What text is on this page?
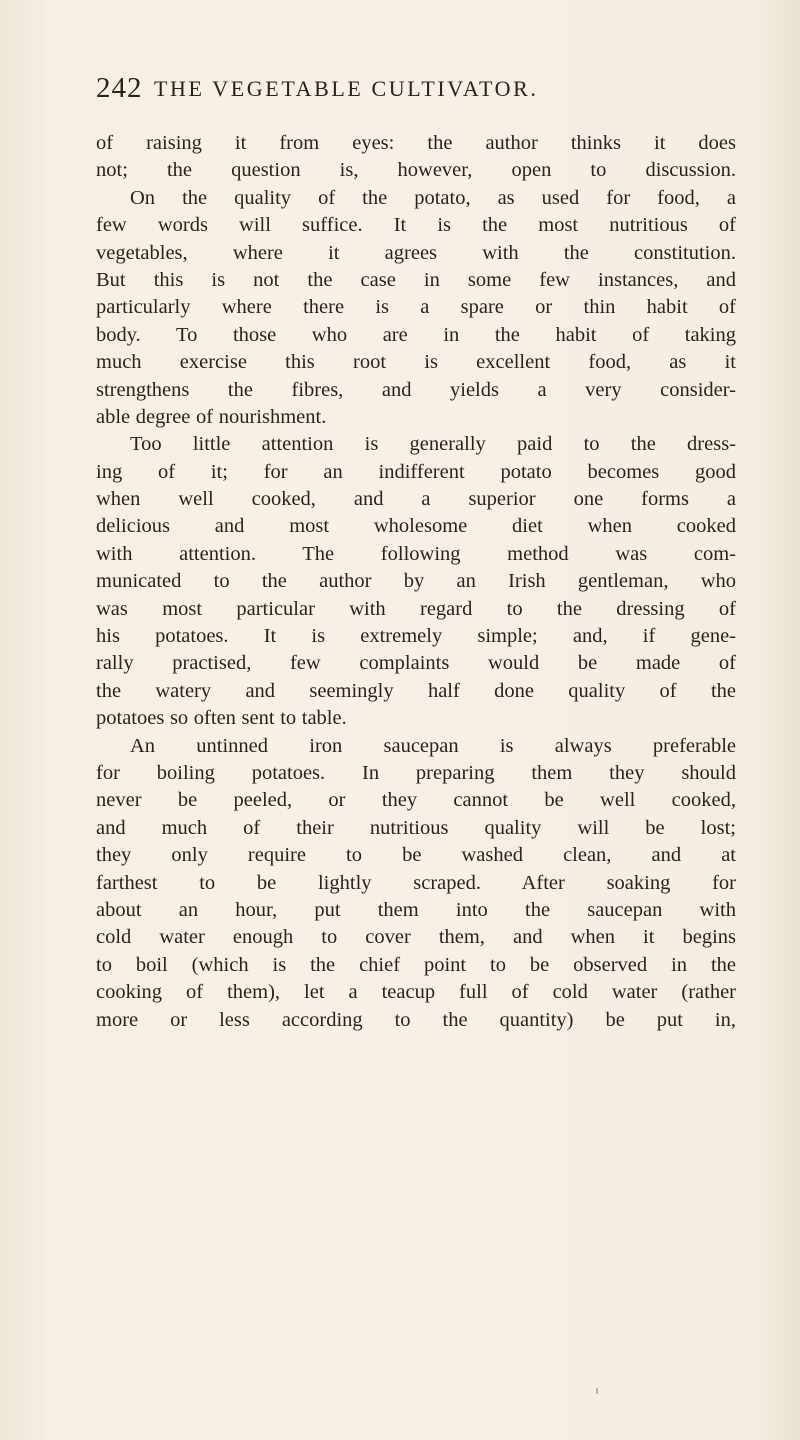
242 THE VEGETABLE CULTIVATOR.
of raising it from eyes: the author thinks it does
not; the question is, however, open to discussion.
On the quality of the potato, as used for food, a
few words will suffice. It is the most nutritious of
vegetables, where it agrees with the constitution.
But this is not the case in some few instances, and
particularly where there is a spare or thin habit of
body. To those who are in the habit of taking
much exercise this root is excellent food, as it
strengthens the fibres, and yields a very consider-
able degree of nourishment.
Too little attention is generally paid to the dress-
ing of it; for an indifferent potato becomes good
when well cooked, and a superior one forms a
delicious and most wholesome diet when cooked
with attention. The following method was com-
municated to the author by an Irish gentleman, who
was most particular with regard to the dressing of
his potatoes. It is extremely simple; and, if gene-
rally practised, few complaints would be made of
the watery and seemingly half done quality of the
potatoes so often sent to table.
An untinned iron saucepan is always preferable
for boiling potatoes. In preparing them they should
never be peeled, or they cannot be well cooked,
and much of their nutritious quality will be lost;
they only require to be washed clean, and at
farthest to be lightly scraped. After soaking for
about an hour, put them into the saucepan with
cold water enough to cover them, and when it begins
to boil (which is the chief point to be observed in the
cooking of them), let a teacup full of cold water (rather
more or less according to the quantity) be put in,
